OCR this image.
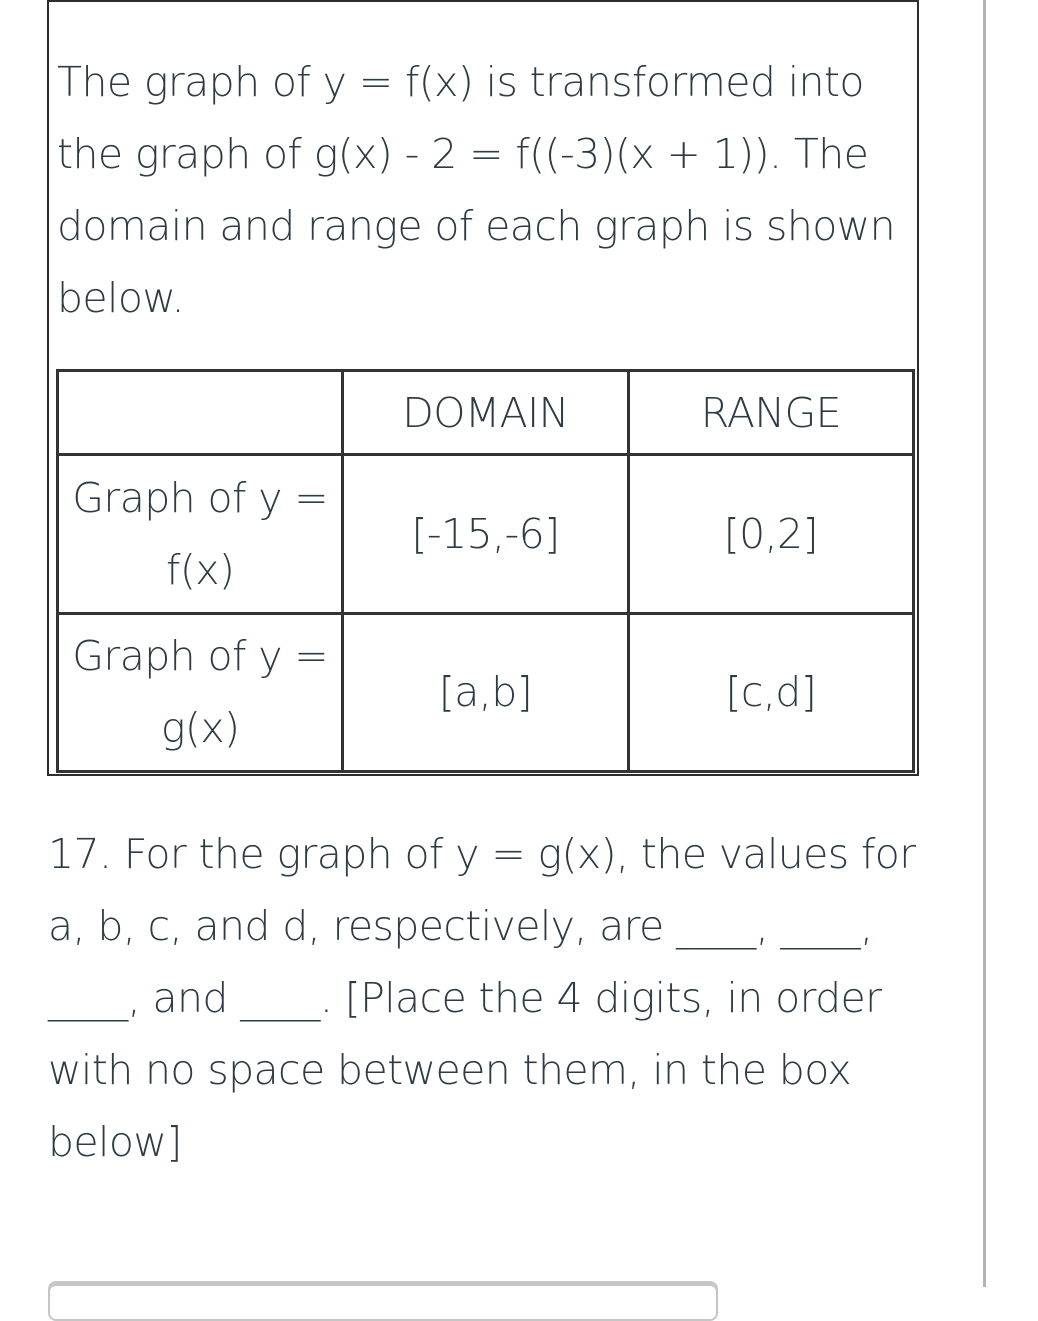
The graph of y = f(x) is transformed into the graph of g(x) - 2 = f((-3)(x + 1)). The domain and range of each graph is shown below.

	DOMAIN	RANGE
Graph of y = f(x)	[-15,-6]	[0,2]
Graph of y = g(x)	[a,b]	[c,d]

17. For the graph of y = g(x), the values for a, b, c, and d, respectively, are ____, ____, ____, and ____. [Place the 4 digits, in order with no space between them, in the box below]
